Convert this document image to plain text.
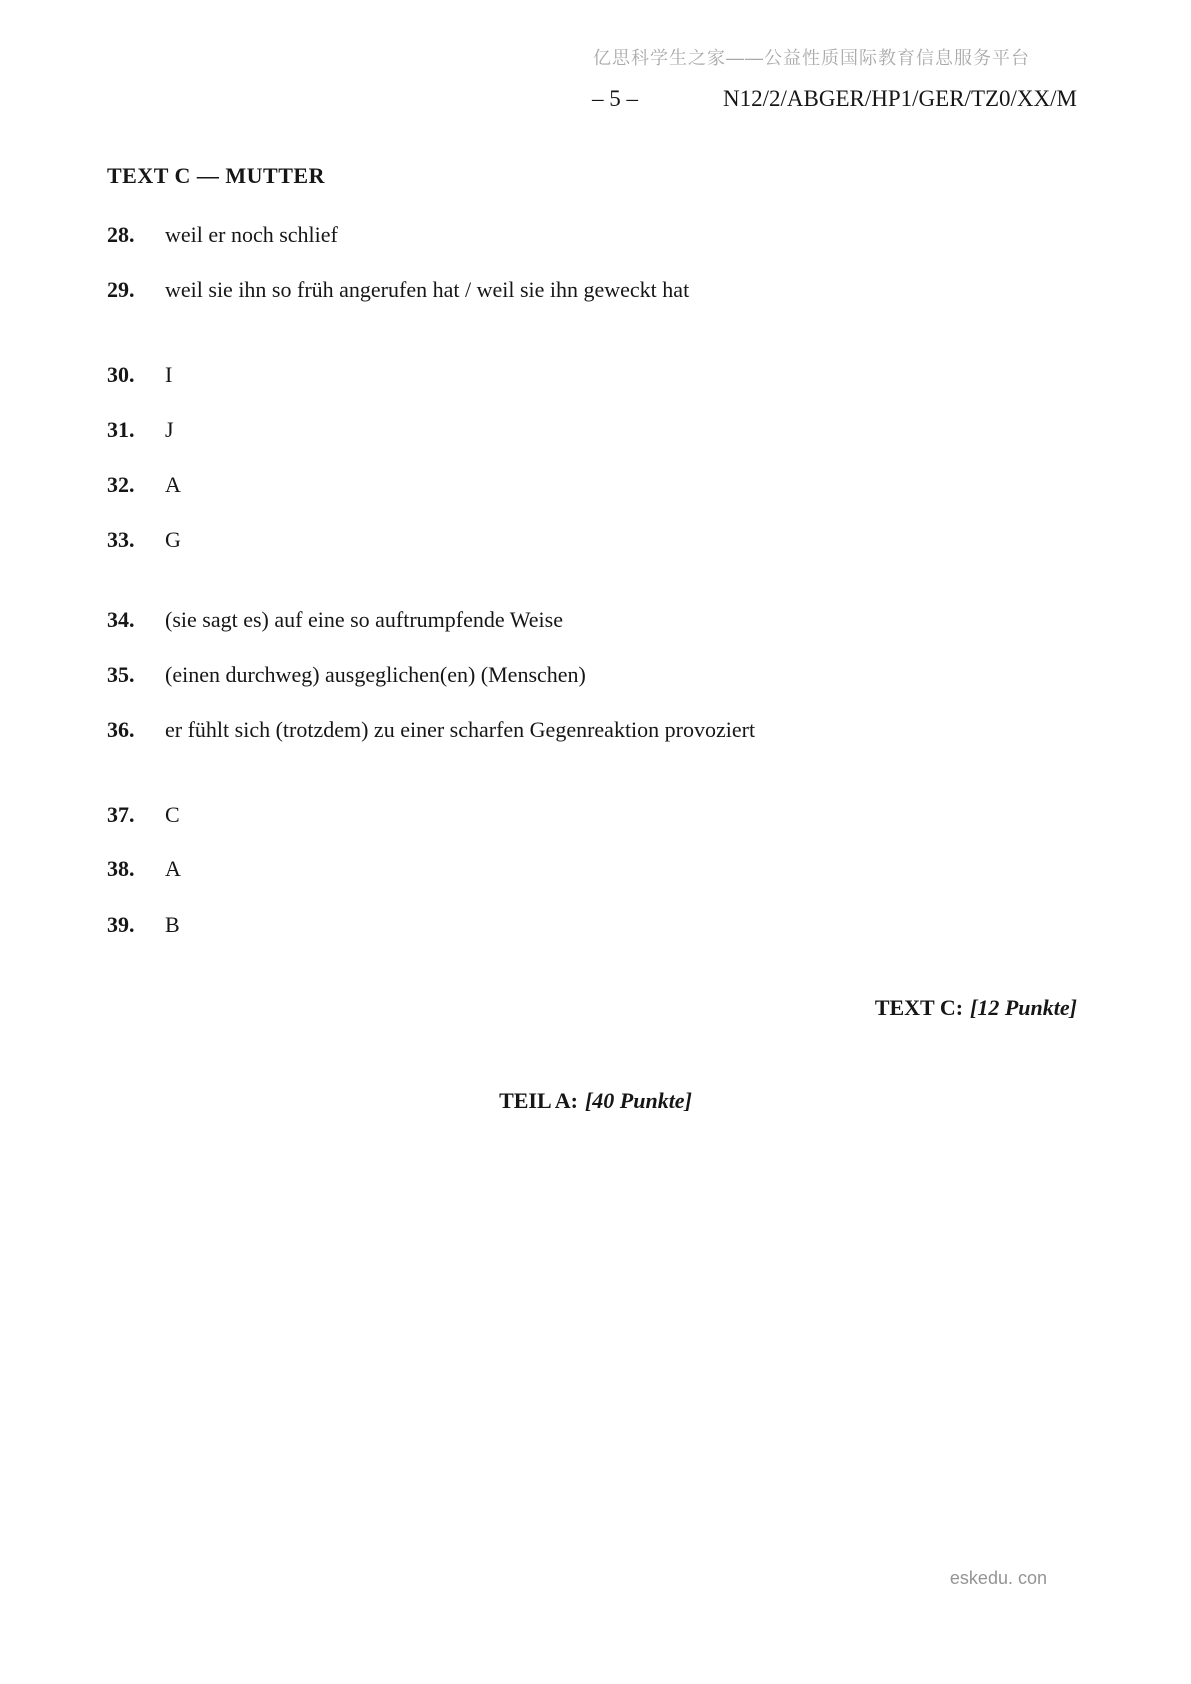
亿思科学生之家——公益性质国际教育信息服务平台
– 5 –	N12/2/ABGER/HP1/GER/TZ0/XX/M
TEXT C — MUTTER
28. weil er noch schlief
29. weil sie ihn so früh angerufen hat / weil sie ihn geweckt hat
30. I
31. J
32. A
33. G
34. (sie sagt es) auf eine so auftrumpfende Weise
35. (einen durchweg) ausgeglichen(en) (Menschen)
36. er fühlt sich (trotzdem) zu einer scharfen Gegenreaktion provoziert
37. C
38. A
39. B
TEXT C: [12 Punkte]
TEIL A: [40 Punkte]
eskedu. con
